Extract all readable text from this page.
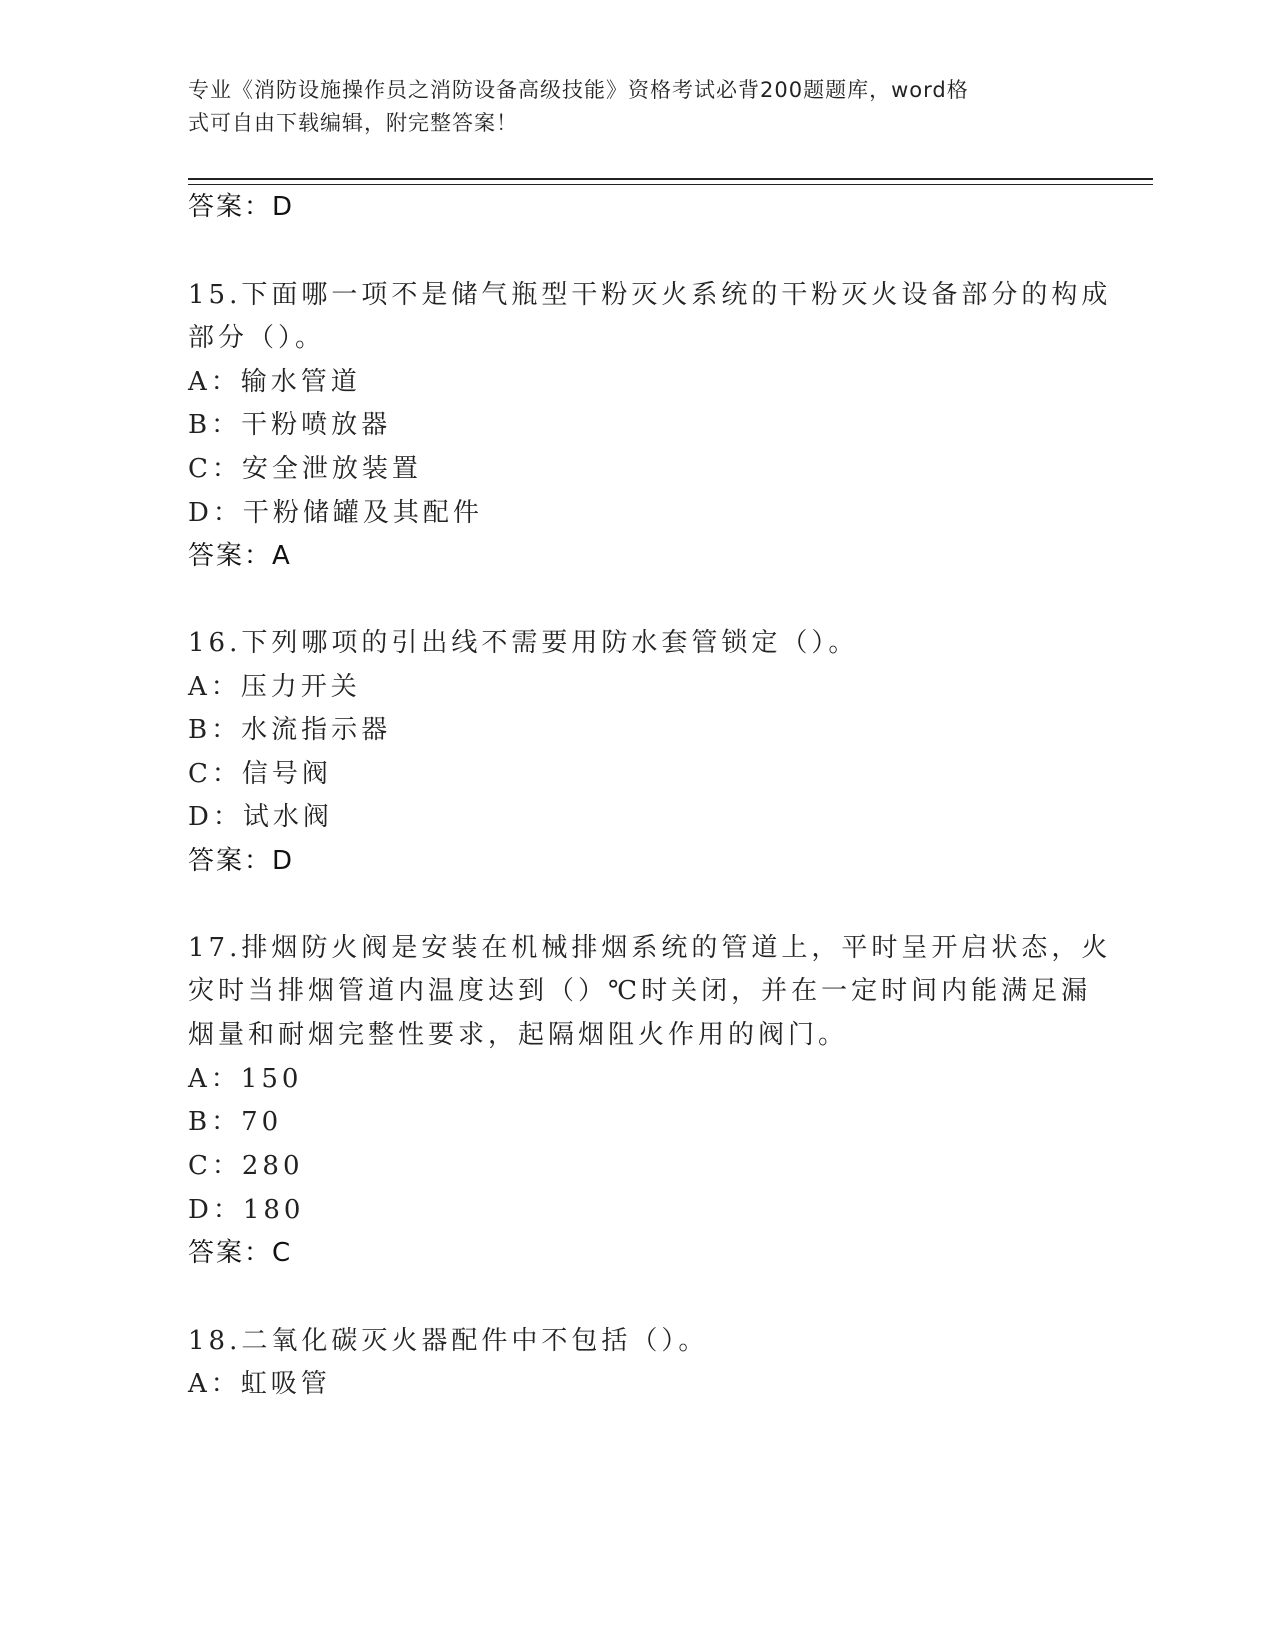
专业《消防设施操作员之消防设备高级技能》资格考试必背200题题库，word格
式可自由下载编辑，附完整答案！
答案：D
15.下面哪一项不是储气瓶型干粉灭火系统的干粉灭火设备部分的构成
部分（）。
A：输水管道
B：干粉喷放器
C：安全泄放装置
D：干粉储罐及其配件
答案：A
16.下列哪项的引出线不需要用防水套管锁定（）。
A：压力开关
B：水流指示器
C：信号阀
D：试水阀
答案：D
17.排烟防火阀是安装在机械排烟系统的管道上，平时呈开启状态，火
灾时当排烟管道内温度达到（）℃时关闭，并在一定时间内能满足漏
烟量和耐烟完整性要求，起隔烟阻火作用的阀门。
A：150
B：70
C：280
D：180
答案：C
18.二氧化碳灭火器配件中不包括（）。
A：虹吸管
